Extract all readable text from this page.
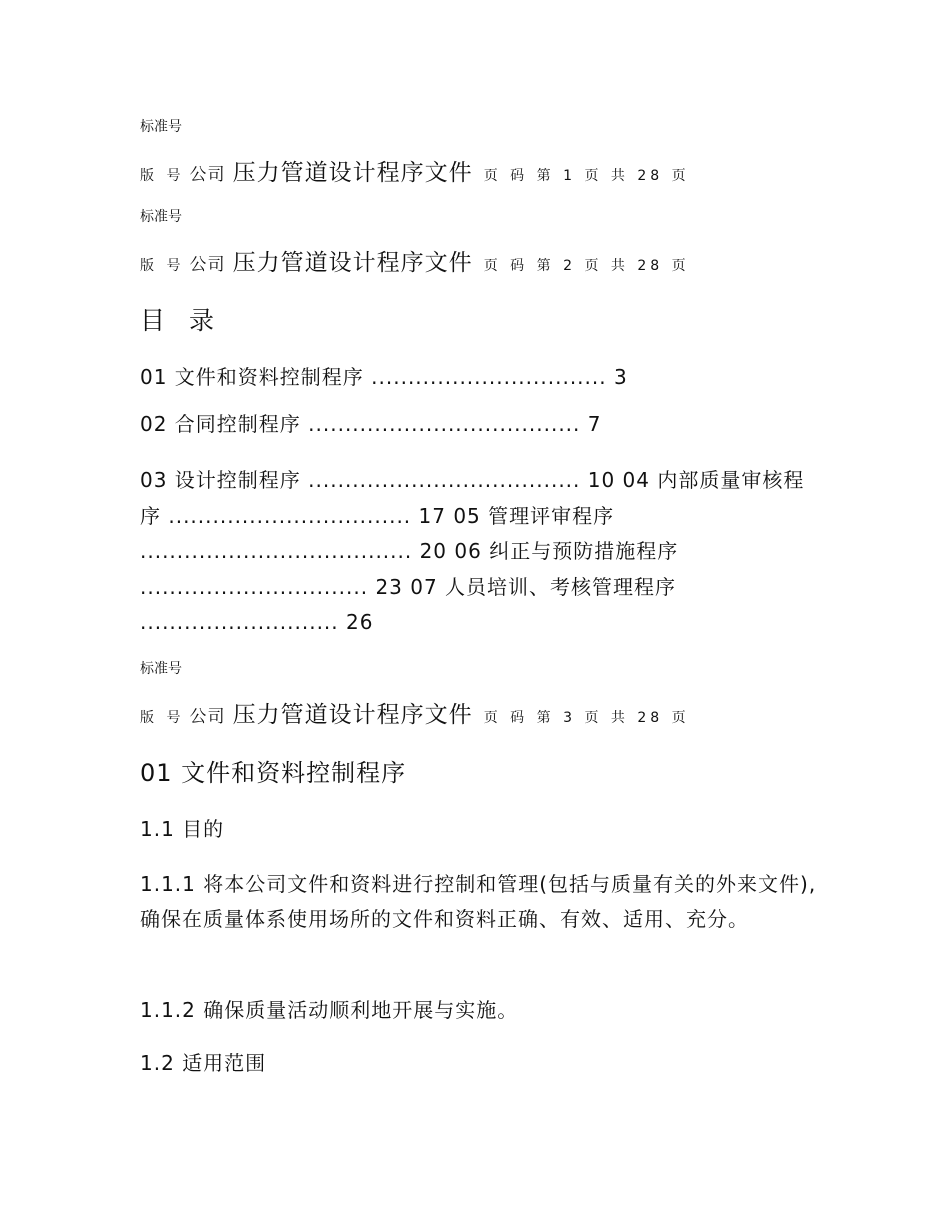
标准号
版 号 公司 压力管道设计程序文件 页 码 第 1 页 共 28 页
标准号
版 号 公司 压力管道设计程序文件 页 码 第 2 页 共 28 页
目 录
01 文件和资料控制程序 ................................ 3
02 合同控制程序 ..................................... 7
03 设计控制程序 ..................................... 10 04 内部质量审核程序 ................................. 17 05 管理评审程序 ..................................... 20 06 纠正与预防措施程序 ............................... 23 07 人员培训、考核管理程序 ........................... 26
标准号
版 号 公司 压力管道设计程序文件 页 码 第 3 页 共 28 页
01 文件和资料控制程序
1.1 目的
1.1.1 将本公司文件和资料进行控制和管理(包括与质量有关的外来文件),确保在质量体系使用场所的文件和资料正确、有效、适用、充分。
1.1.2 确保质量活动顺利地开展与实施。
1.2 适用范围
